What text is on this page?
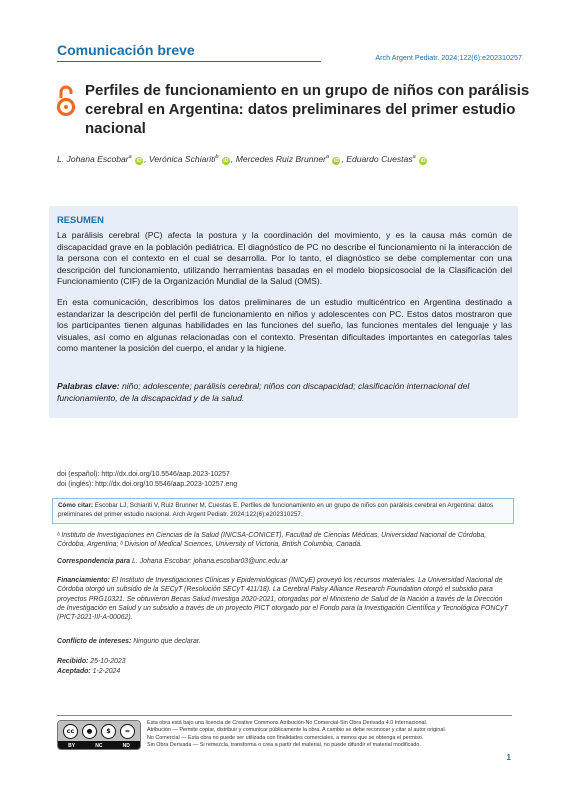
Comunicación breve	Arch Argent Pediatr. 2024;122(6):e202310257
Perfiles de funcionamiento en un grupo de niños con parálisis cerebral en Argentina: datos preliminares del primer estudio nacional
L. Johana Escobar$^a$ iD , Verónica Schiariti$^b$ iD , Mercedes Ruiz Brunner$^a$ iD , Eduardo Cuestas$^a$ iD
RESUMEN

La parálisis cerebral (PC) afecta la postura y la coordinación del movimiento, y es la causa más común de discapacidad grave en la población pediátrica. El diagnóstico de PC no describe el funcionamiento ni la interacción de la persona con el contexto en el cual se desarrolla. Por lo tanto, el diagnóstico se debe complementar con una descripción del funcionamiento, utilizando herramientas basadas en el modelo biopsicosocial de la Clasificación del Funcionamiento (CIF) de la Organización Mundial de la Salud (OMS).

En esta comunicación, describimos los datos preliminares de un estudio multicéntrico en Argentina destinado a estandarizar la descripción del perfil de funcionamiento en niños y adolescentes con PC. Estos datos mostraron que los participantes tienen algunas habilidades en las funciones del sueño, las funciones mentales del lenguaje y las visuales, así como en algunas relacionadas con el contexto. Presentan dificultades importantes en categorías tales como mantener la posición del cuerpo, el andar y la higiene.

Palabras clave: niño; adolescente; parálisis cerebral; niños con discapacidad; clasificación internacional del funcionamiento, de la discapacidad y de la salud.

doi (español): http://dx.doi.org/10.5546/aap.2023-10257
doi (inglés): http://dx.doi.org/10.5546/aap.2023-10257.eng
Cómo citar: Escobar LJ, Schiariti V, Ruiz Brunner M, Cuestas E. Perfiles de funcionamiento en un grupo de niños con parálisis cerebral en Argentina: datos preliminares del primer estudio nacional. Arch Argent Pediatr. 2024;122(6):e202310257.

ᵃ Instituto de Investigaciones en Ciencias de la Salud (INICSA-CONICET), Facultad de Ciencias Médicas, Universidad Nacional de Córdoba, Córdoba, Argentina; ᵇ Division of Medical Sciences, University of Victoria, British Columbia, Canadá.

Correspondencia para L. Johana Escobar: johana.escobar03@unc.edu.ar

Financiamiento: El Instituto de Investigaciones Clínicas y Epidemiológicas (INICyE) proveyó los recursos materiales. La Universidad Nacional de Córdoba otorgó un subsidio de la SECyT (Resolución SECyT 411/18). La Cerebral Palsy Alliance Research Foundation otorgó el subsidio para proyectos PRG10321. Se obtuvieron Becas Salud Investiga 2020-2021, otorgadas por el Ministerio de Salud de la Nación a través de la Dirección de Investigación en Salud y un subsidio a través de un proyecto PICT otorgado por el Fondo para la Investigación Científica y Tecnológica FONCyT (PICT-2021-III-A-00062).

Conflicto de intereses: Ninguno que declarar.

Recibido: 25-10-2023

Aceptado: 1-2-2024

cc	●	$	=
BY	NC	ND
Esta obra está bajo una licencia de Creative Commons Atribución-No Comercial-Sin Obra Derivada 4.0 Internacional.
Atribución — Permite copiar, distribuir y comunicar públicamente la obra. A cambio se debe reconocer y citar al autor original.
No Comercial — Esta obra no puede ser utilizada con finalidades comerciales, a menos que se obtenga el permiso.
Sin Obra Derivada — Si remezcla, transforma o crea a partir del material, no puede difundir el material modificado.
1
